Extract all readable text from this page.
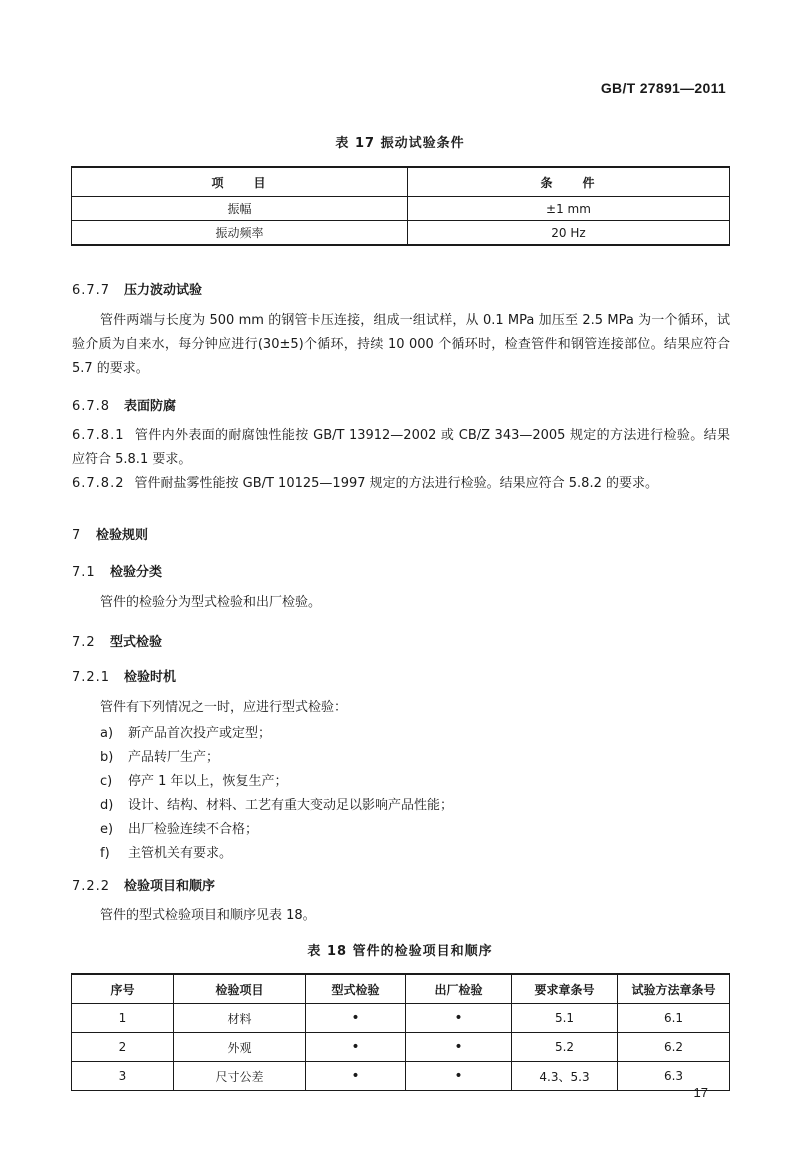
GB/T 27891—2011
表 17 振动试验条件
项　　目	条　　件
振幅	±1 mm
振动频率	20 Hz
6.7.7 压力波动试验
管件两端与长度为 500 mm 的钢管卡压连接，组成一组试样，从 0.1 MPa 加压至 2.5 MPa 为一个循环，试验介质为自来水，每分钟应进行(30±5)个循环，持续 10 000 个循环时，检查管件和钢管连接部位。结果应符合 5.7 的要求。
6.7.8 表面防腐
6.7.8.1 管件内外表面的耐腐蚀性能按 GB/T 13912—2002 或 CB/Z 343—2005 规定的方法进行检验。结果应符合 5.8.1 要求。
6.7.8.2 管件耐盐雾性能按 GB/T 10125—1997 规定的方法进行检验。结果应符合 5.8.2 的要求。
7 检验规则
7.1 检验分类
管件的检验分为型式检验和出厂检验。
7.2 型式检验
7.2.1 检验时机
管件有下列情况之一时，应进行型式检验：
a) 新产品首次投产或定型；
b) 产品转厂生产；
c) 停产 1 年以上，恢复生产；
d) 设计、结构、材料、工艺有重大变动足以影响产品性能；
e) 出厂检验连续不合格；
f) 主管机关有要求。
7.2.2 检验项目和顺序
管件的型式检验项目和顺序见表 18。
表 18 管件的检验项目和顺序
序号	检验项目	型式检验	出厂检验	要求章条号	试验方法章条号
1	材料	•	•	5.1	6.1
2	外观	•	•	5.2	6.2
3	尺寸公差	•	•	4.3、5.3	6.3
17
